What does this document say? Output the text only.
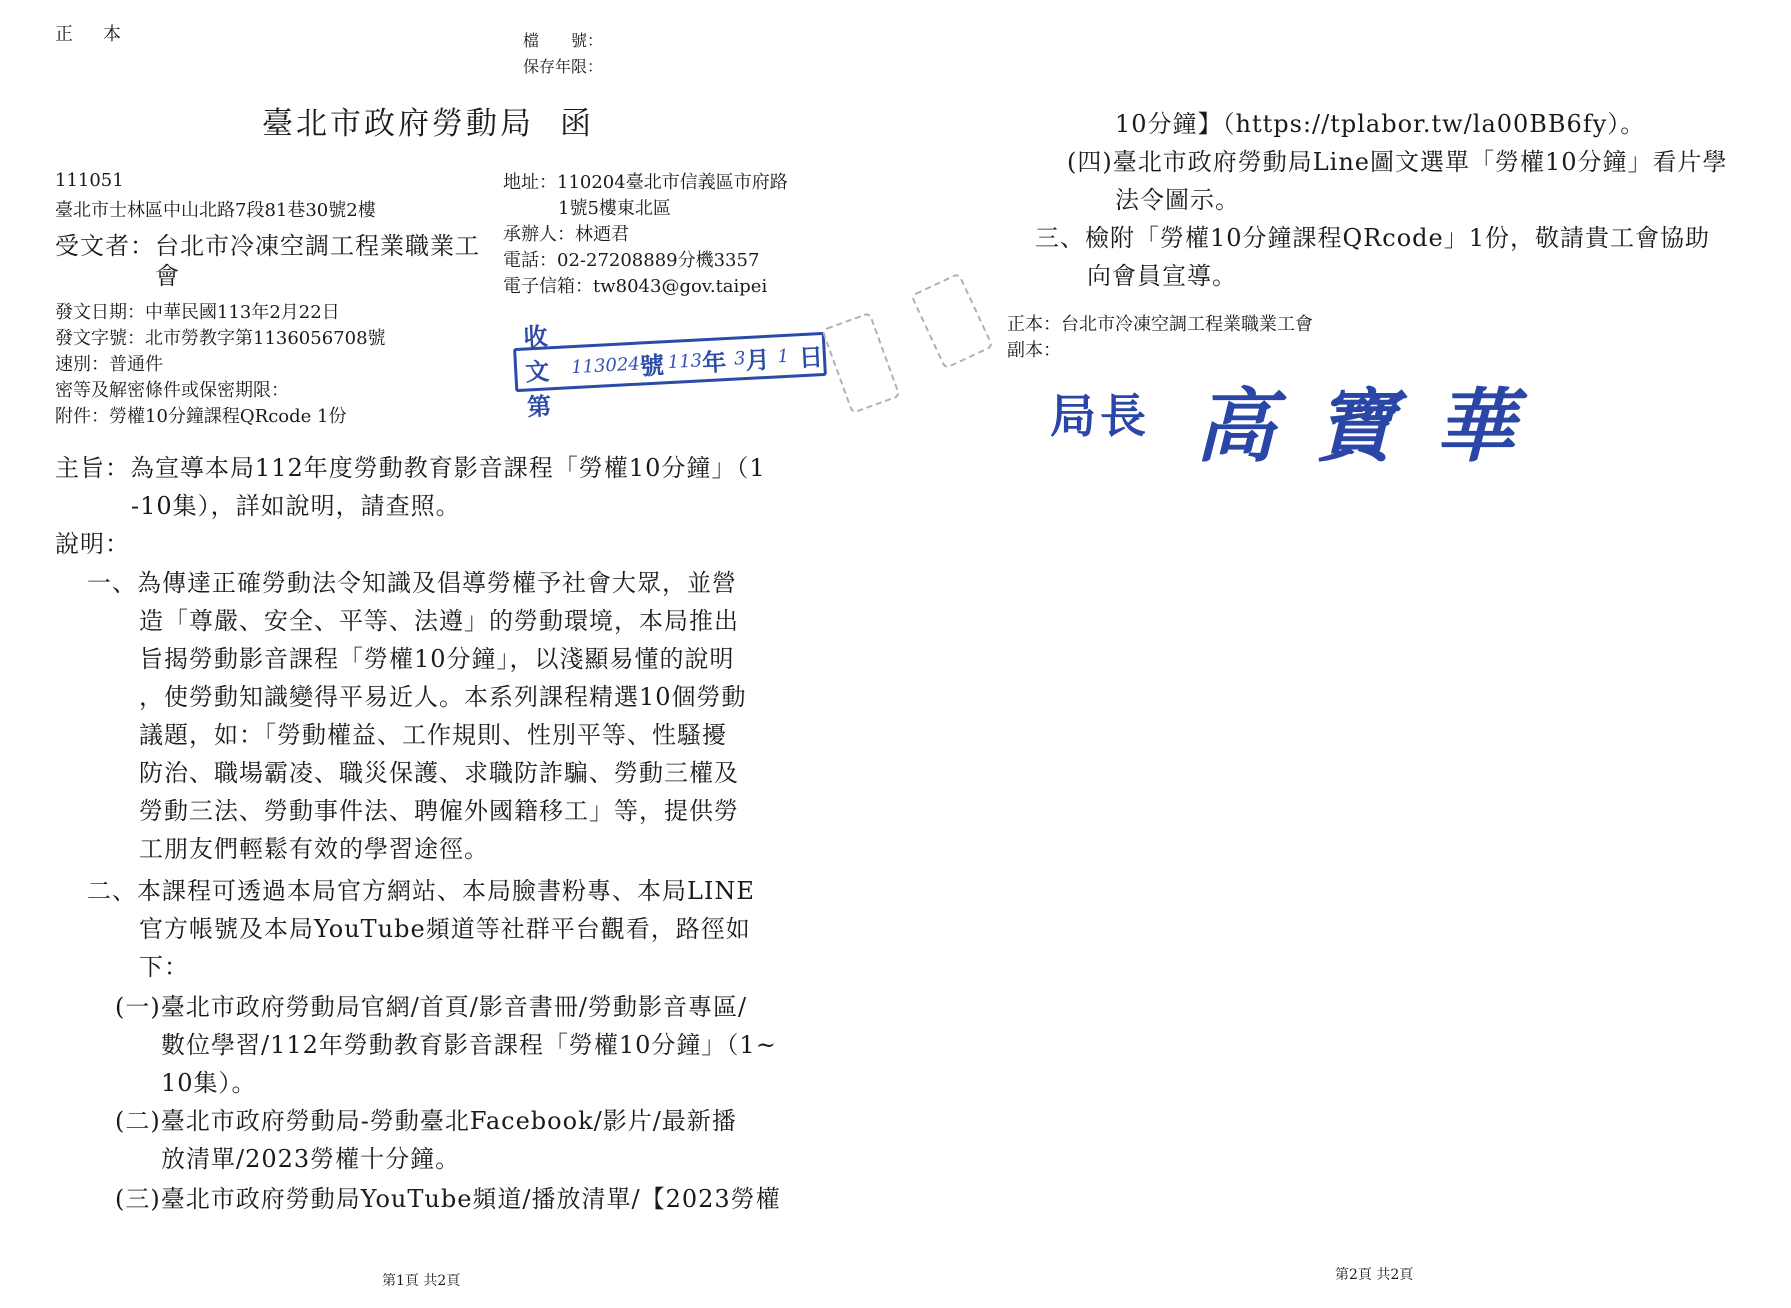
正　本	檔　　號：
保存年限：
臺北市政府勞動局 函
111051
臺北市士林區中山北路7段81巷30號2樓
受文者：台北市冷凍空調工程業職業工
會
地址：110204臺北市信義區市府路
1號5樓東北區
承辦人：林迺君
電話：02-27208889分機3357
電子信箱：tw8043@gov.taipei
發文日期：中華民國113年2月22日
發文字號：北市勞教字第1136056708號
速別：普通件
密等及解密條件或保密期限：
附件：勞權10分鐘課程QRcode 1份
收文第
113024
號 113
年 3
月 1 日
主旨：為宣導本局112年度勞動教育影音課程「勞權10分鐘」（1
-10集），詳如說明，請查照。
說明：
一、為傳達正確勞動法令知識及倡導勞權予社會大眾，並營
造「尊嚴、安全、平等、法遵」的勞動環境，本局推出
旨揭勞動影音課程「勞權10分鐘」，以淺顯易懂的說明
，使勞動知識變得平易近人。本系列課程精選10個勞動
議題，如：「勞動權益、工作規則、性別平等、性騷擾
防治、職場霸凌、職災保護、求職防詐騙、勞動三權及
勞動三法、勞動事件法、聘僱外國籍移工」等，提供勞
工朋友們輕鬆有效的學習途徑。
二、本課程可透過本局官方網站、本局臉書粉專、本局LINE
官方帳號及本局YouTube頻道等社群平台觀看，路徑如
下：
(一)臺北市政府勞動局官網/首頁/影音書冊/勞動影音專區/
數位學習/112年勞動教育影音課程「勞權10分鐘」（1~
10集）。
(二)臺北市政府勞動局-勞動臺北Facebook/影片/最新播
放清單/2023勞權十分鐘。
(三)臺北市政府勞動局YouTube頻道/播放清單/【2023勞權
第1頁 共2頁
10分鐘】（https://tplabor.tw/la00BB6fy）。
(四)臺北市政府勞動局Line圖文選單「勞權10分鐘」看片學
法令圖示。
三、檢附「勞權10分鐘課程QRcode」1份，敬請貴工會協助
向會員宣導。
正本：台北市冷凍空調工程業職業工會
副本：
局長 高寶華
第2頁 共2頁
